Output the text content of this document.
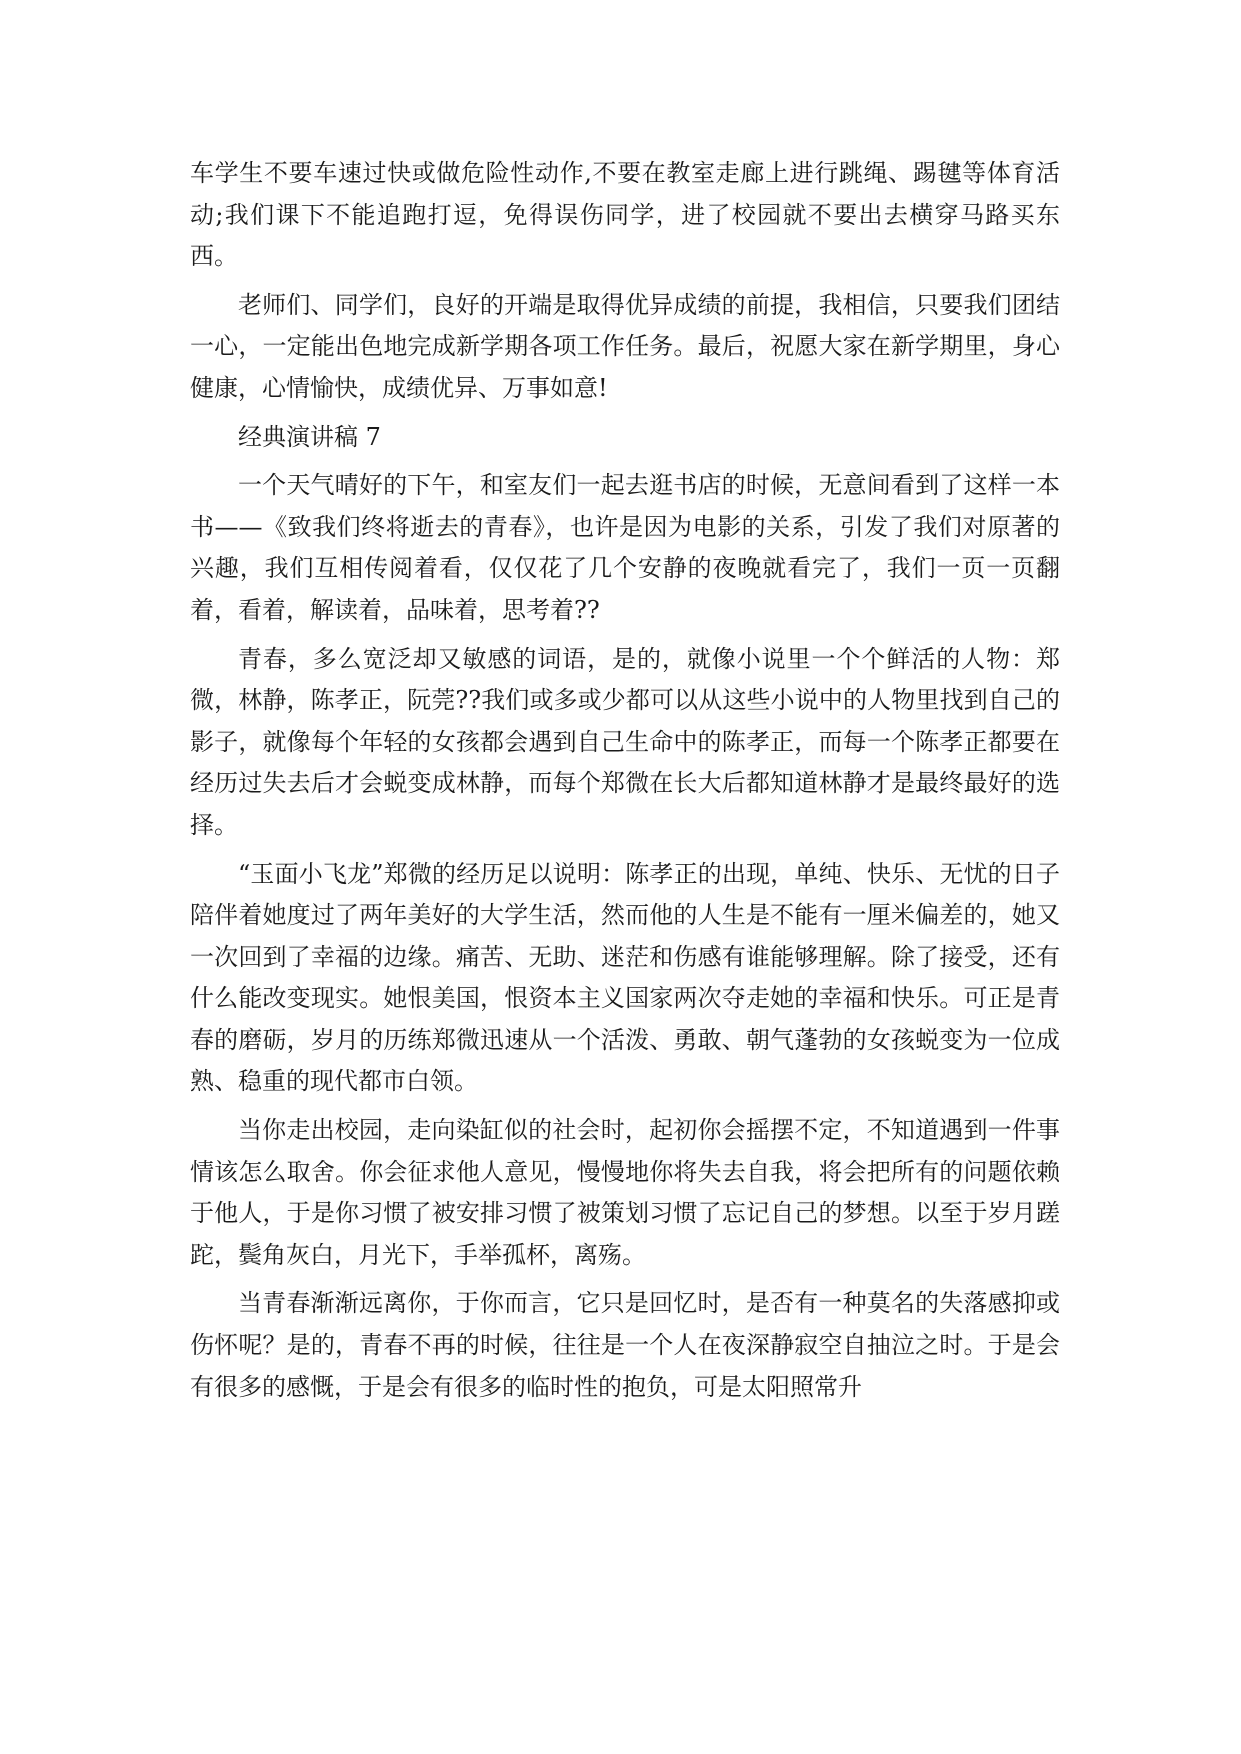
车学生不要车速过快或做危险性动作,不要在教室走廊上进行跳绳、踢毽等体育活动;我们课下不能追跑打逗，免得误伤同学，进了校园就不要出去横穿马路买东西。

老师们、同学们，良好的开端是取得优异成绩的前提，我相信，只要我们团结一心，一定能出色地完成新学期各项工作任务。最后，祝愿大家在新学期里，身心健康，心情愉快，成绩优异、万事如意!

经典演讲稿 7

一个天气晴好的下午，和室友们一起去逛书店的时候，无意间看到了这样一本书——《致我们终将逝去的青春》，也许是因为电影的关系，引发了我们对原著的兴趣，我们互相传阅着看，仅仅花了几个安静的夜晚就看完了，我们一页一页翻着，看着，解读着，品味着，思考着??

青春，多么宽泛却又敏感的词语，是的，就像小说里一个个鲜活的人物：郑微，林静，陈孝正，阮莞??我们或多或少都可以从这些小说中的人物里找到自己的影子，就像每个年轻的女孩都会遇到自己生命中的陈孝正，而每一个陈孝正都要在经历过失去后才会蜕变成林静，而每个郑微在长大后都知道林静才是最终最好的选择。

“玉面小飞龙”郑微的经历足以说明：陈孝正的出现，单纯、快乐、无忧的日子陪伴着她度过了两年美好的大学生活，然而他的人生是不能有一厘米偏差的，她又一次回到了幸福的边缘。痛苦、无助、迷茫和伤感有谁能够理解。除了接受，还有什么能改变现实。她恨美国，恨资本主义国家两次夺走她的幸福和快乐。可正是青春的磨砺，岁月的历练郑微迅速从一个活泼、勇敢、朝气蓬勃的女孩蜕变为一位成熟、稳重的现代都市白领。

当你走出校园，走向染缸似的社会时，起初你会摇摆不定，不知道遇到一件事情该怎么取舍。你会征求他人意见，慢慢地你将失去自我，将会把所有的问题依赖于他人，于是你习惯了被安排习惯了被策划习惯了忘记自己的梦想。以至于岁月蹉跎，鬓角灰白，月光下，手举孤杯，离殇。

当青春渐渐远离你，于你而言，它只是回忆时，是否有一种莫名的失落感抑或伤怀呢？是的，青春不再的时候，往往是一个人在夜深静寂空自抽泣之时。于是会有很多的感慨，于是会有很多的临时性的抱负，可是太阳照常升
